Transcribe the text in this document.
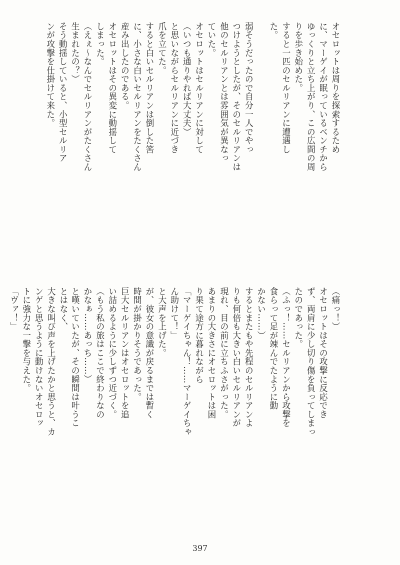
オセロットは周りを探索するため
に、マーゲイが眠っているベンチから
ゆっくりと立ち上がり、この広間の周
りを歩き始めた。
すると一匹のセルリアンに遭遇し
た。
弱そうだったので自分一人でやっ
つけようとしたが、そのセルリアンは
他のセルリアンとは雰囲気が異なっ
ていた。
オセロットはセルリアンに対して
（いつも通りやれば大丈夫）
と思いながらセルリアンに近づき
爪を立てた。
すると白いセルリアンは倒した筈
に、小さな白いセルリアンをたくさん
産み出したのである。
オセロットはその異変に動揺して
しまった。
（えぇ～なんでセルリアンがたくさん
生まれたの？）
そう動揺していると、小型セルリア
ンが攻撃を仕掛けて来た。
（痛っ！）
オセロットはその攻撃に反応でき
ず、両肩に少し切り傷を負ってしまっ
たのであった。
（ふっ！……セルリアンから攻撃を
食らって足が竦んでたように動
かない……）
するとまたもや先程のセルリアンよ
りも何倍も大きい白いセルリアンが
現れ、目の前に立ちふさがった。
あまりの大きさにオセロットは困
り果て途方に暮れながら
「マーゲイちゃん！……マーゲイちゃ
ん助けて！」
と大声を上げた。
が、彼女の意識が戻るまでは暫く
時間が掛かりそうであった。
巨大セルリアンはオセロットを追
い詰めるように少しずつ近づく。
（もう私の旅はここで終わりなの
かなぁ……あっち……）
と嘆いていたが、その瞬間は叶うこ
とはなく、
大きな叫び声を上げたかと思うと、カ
ンゲと思うように動けないオセロッ
トに強力な一撃を与えた。
「ヴァ！」
397
